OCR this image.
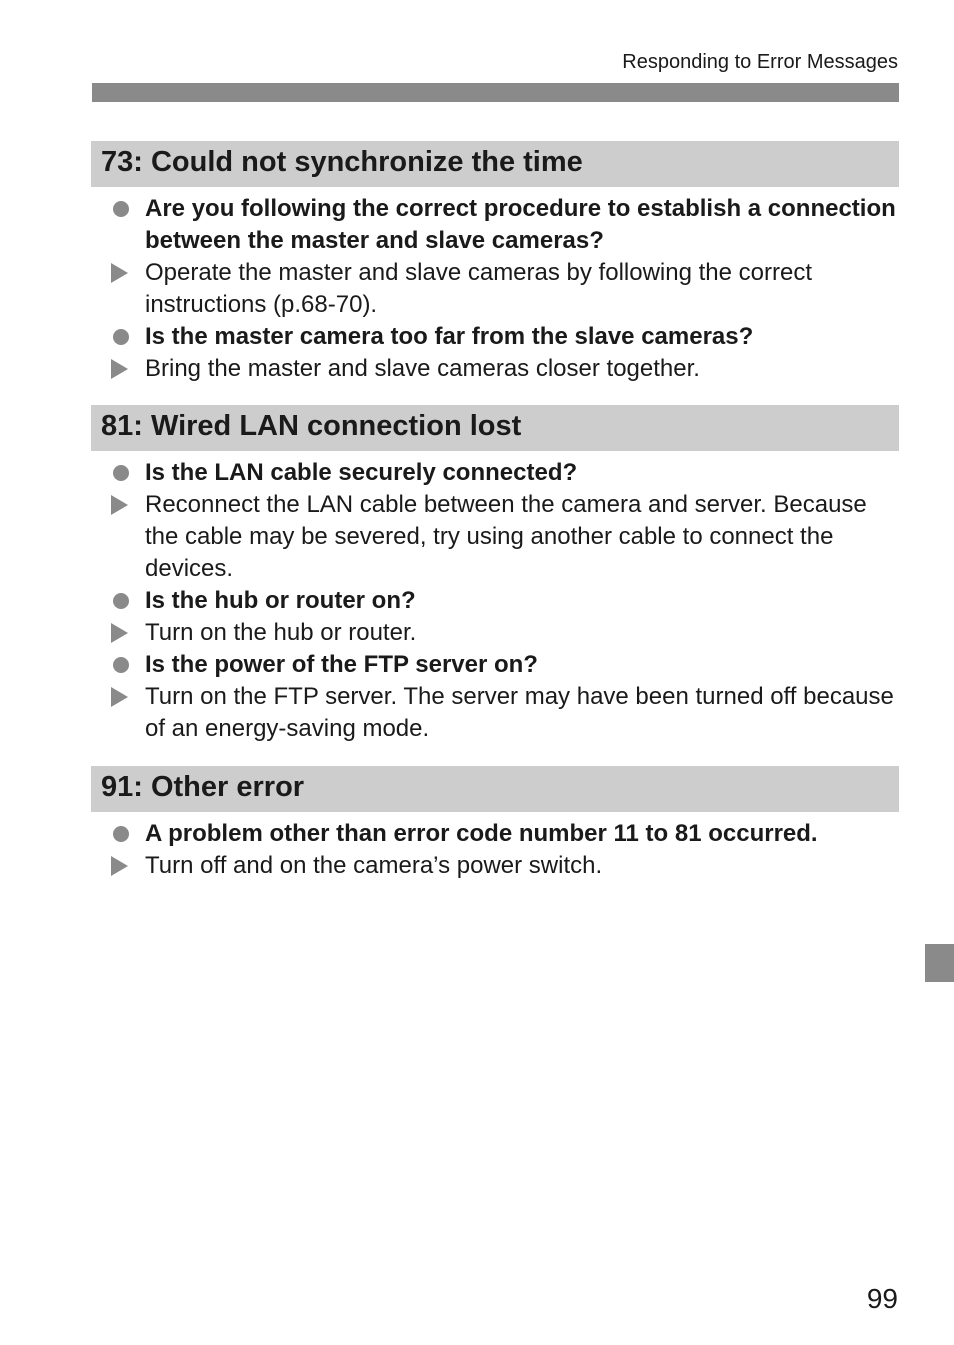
Responding to Error Messages
73: Could not synchronize the time
Are you following the correct procedure to establish a connection between the master and slave cameras?
Operate the master and slave cameras by following the correct instructions (p.68-70).
Is the master camera too far from the slave cameras?
Bring the master and slave cameras closer together.
81: Wired LAN connection lost
Is the LAN cable securely connected?
Reconnect the LAN cable between the camera and server. Because the cable may be severed, try using another cable to connect the devices.
Is the hub or router on?
Turn on the hub or router.
Is the power of the FTP server on?
Turn on the FTP server. The server may have been turned off because of an energy-saving mode.
91: Other error
A problem other than error code number 11 to 81 occurred.
Turn off and on the camera’s power switch.
99
